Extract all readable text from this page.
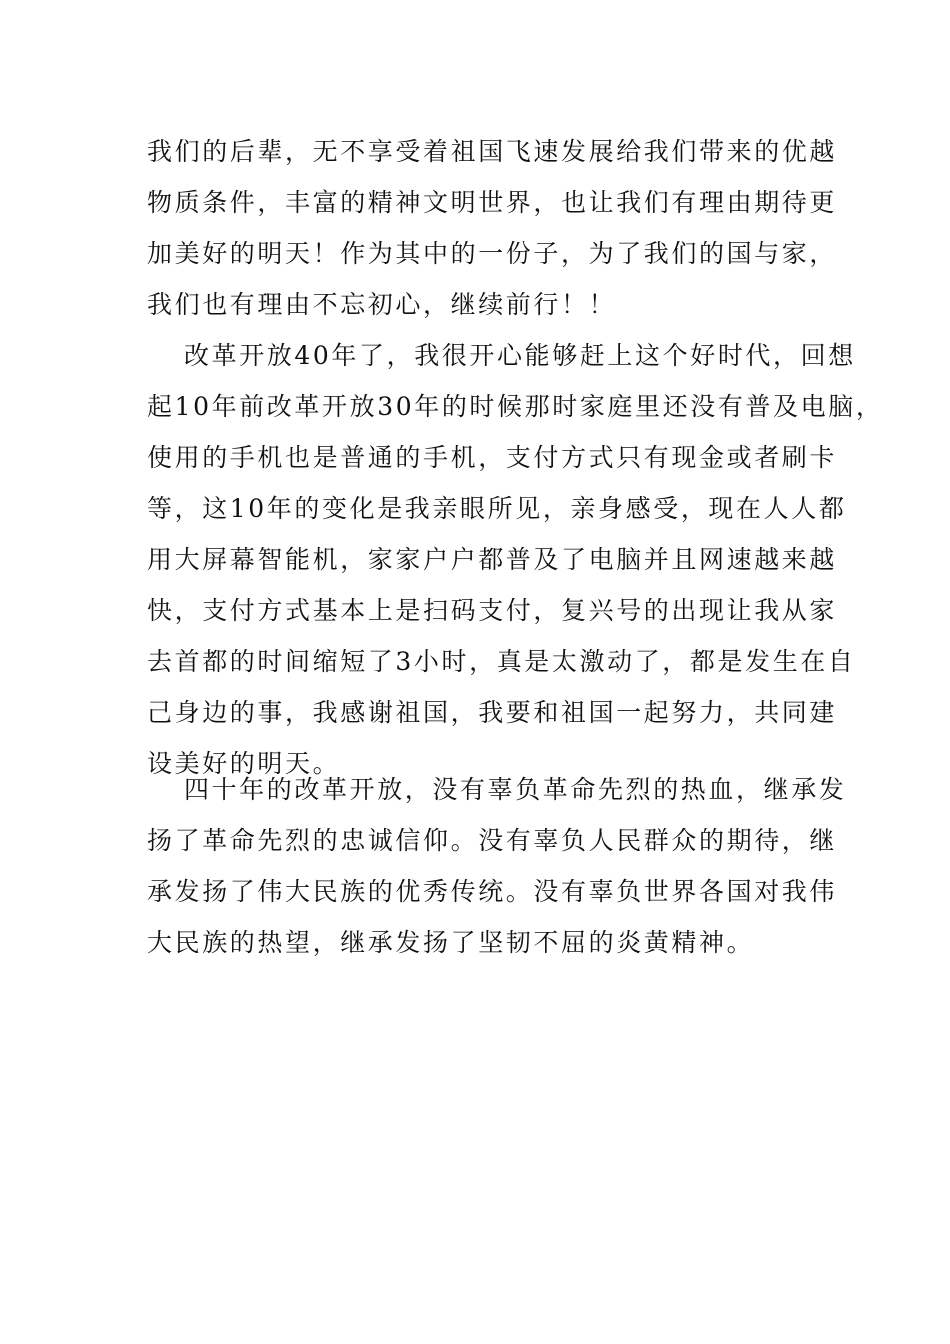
我们的后辈，无不享受着祖国飞速发展给我们带来的优越
物质条件，丰富的精神文明世界，也让我们有理由期待更
加美好的明天！作为其中的一份子，为了我们的国与家，
我们也有理由不忘初心，继续前行！！
改革开放40年了，我很开心能够赶上这个好时代，回想
起10年前改革开放30年的时候那时家庭里还没有普及电脑，
使用的手机也是普通的手机，支付方式只有现金或者刷卡
等，这10年的变化是我亲眼所见，亲身感受，现在人人都
用大屏幕智能机，家家户户都普及了电脑并且网速越来越
快，支付方式基本上是扫码支付，复兴号的出现让我从家
去首都的时间缩短了3小时，真是太激动了，都是发生在自
己身边的事，我感谢祖国，我要和祖国一起努力，共同建
设美好的明天。
四十年的改革开放，没有辜负革命先烈的热血，继承发
扬了革命先烈的忠诚信仰。没有辜负人民群众的期待，继
承发扬了伟大民族的优秀传统。没有辜负世界各国对我伟
大民族的热望，继承发扬了坚韧不屈的炎黄精神。
